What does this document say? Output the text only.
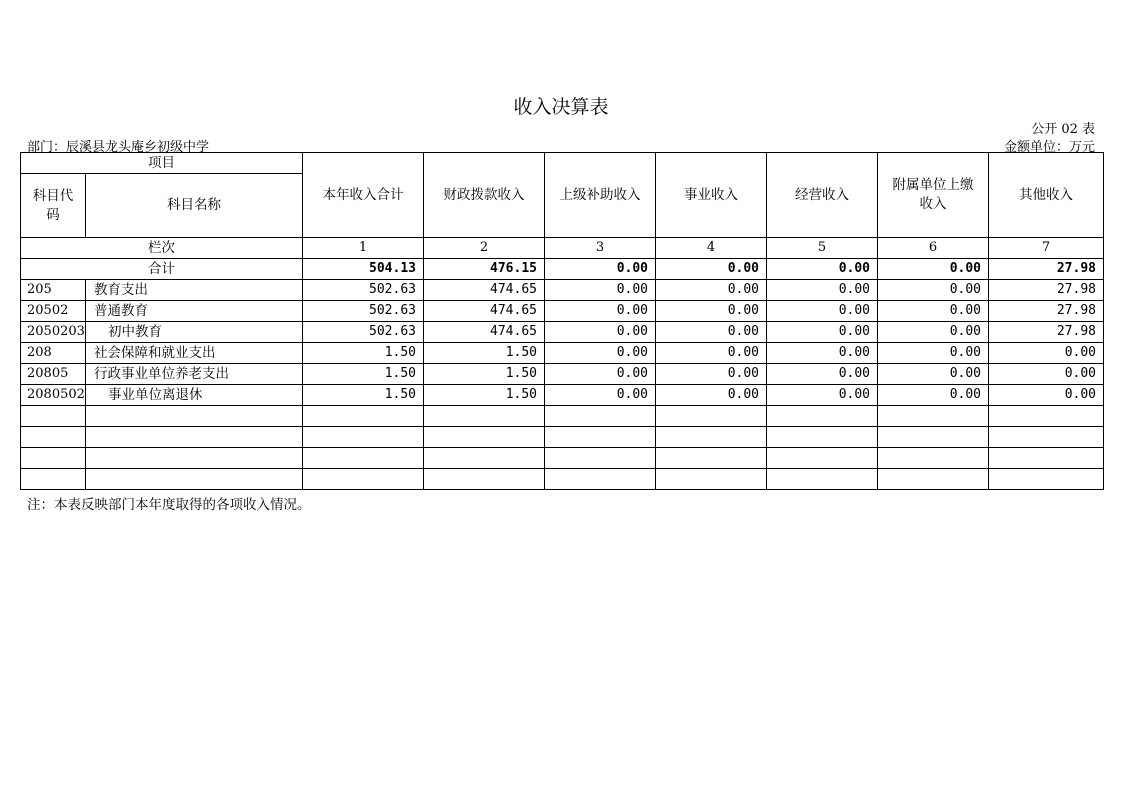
收入决算表
公开 02 表
部门：辰溪县龙头庵乡初级中学	金额单位：万元
项目		本年收入合计	财政拨款收入	上级补助收入	事业收入	经营收入	附属单位上缴收入	其他收入
科目代码	科目名称							
栏次		1	2	3	4	5	6	7
合计		504.13	476.15	0.00	0.00	0.00	0.00	27.98
205	教育支出	502.63	474.65	0.00	0.00	0.00	0.00	27.98
20502	普通教育	502.63	474.65	0.00	0.00	0.00	0.00	27.98
2050203	初中教育	502.63	474.65	0.00	0.00	0.00	0.00	27.98
208	社会保障和就业支出	1.50	1.50	0.00	0.00	0.00	0.00	0.00
20805	行政事业单位养老支出	1.50	1.50	0.00	0.00	0.00	0.00	0.00
2080502	事业单位离退休	1.50	1.50	0.00	0.00	0.00	0.00	0.00

注：本表反映部门本年度取得的各项收入情况。
